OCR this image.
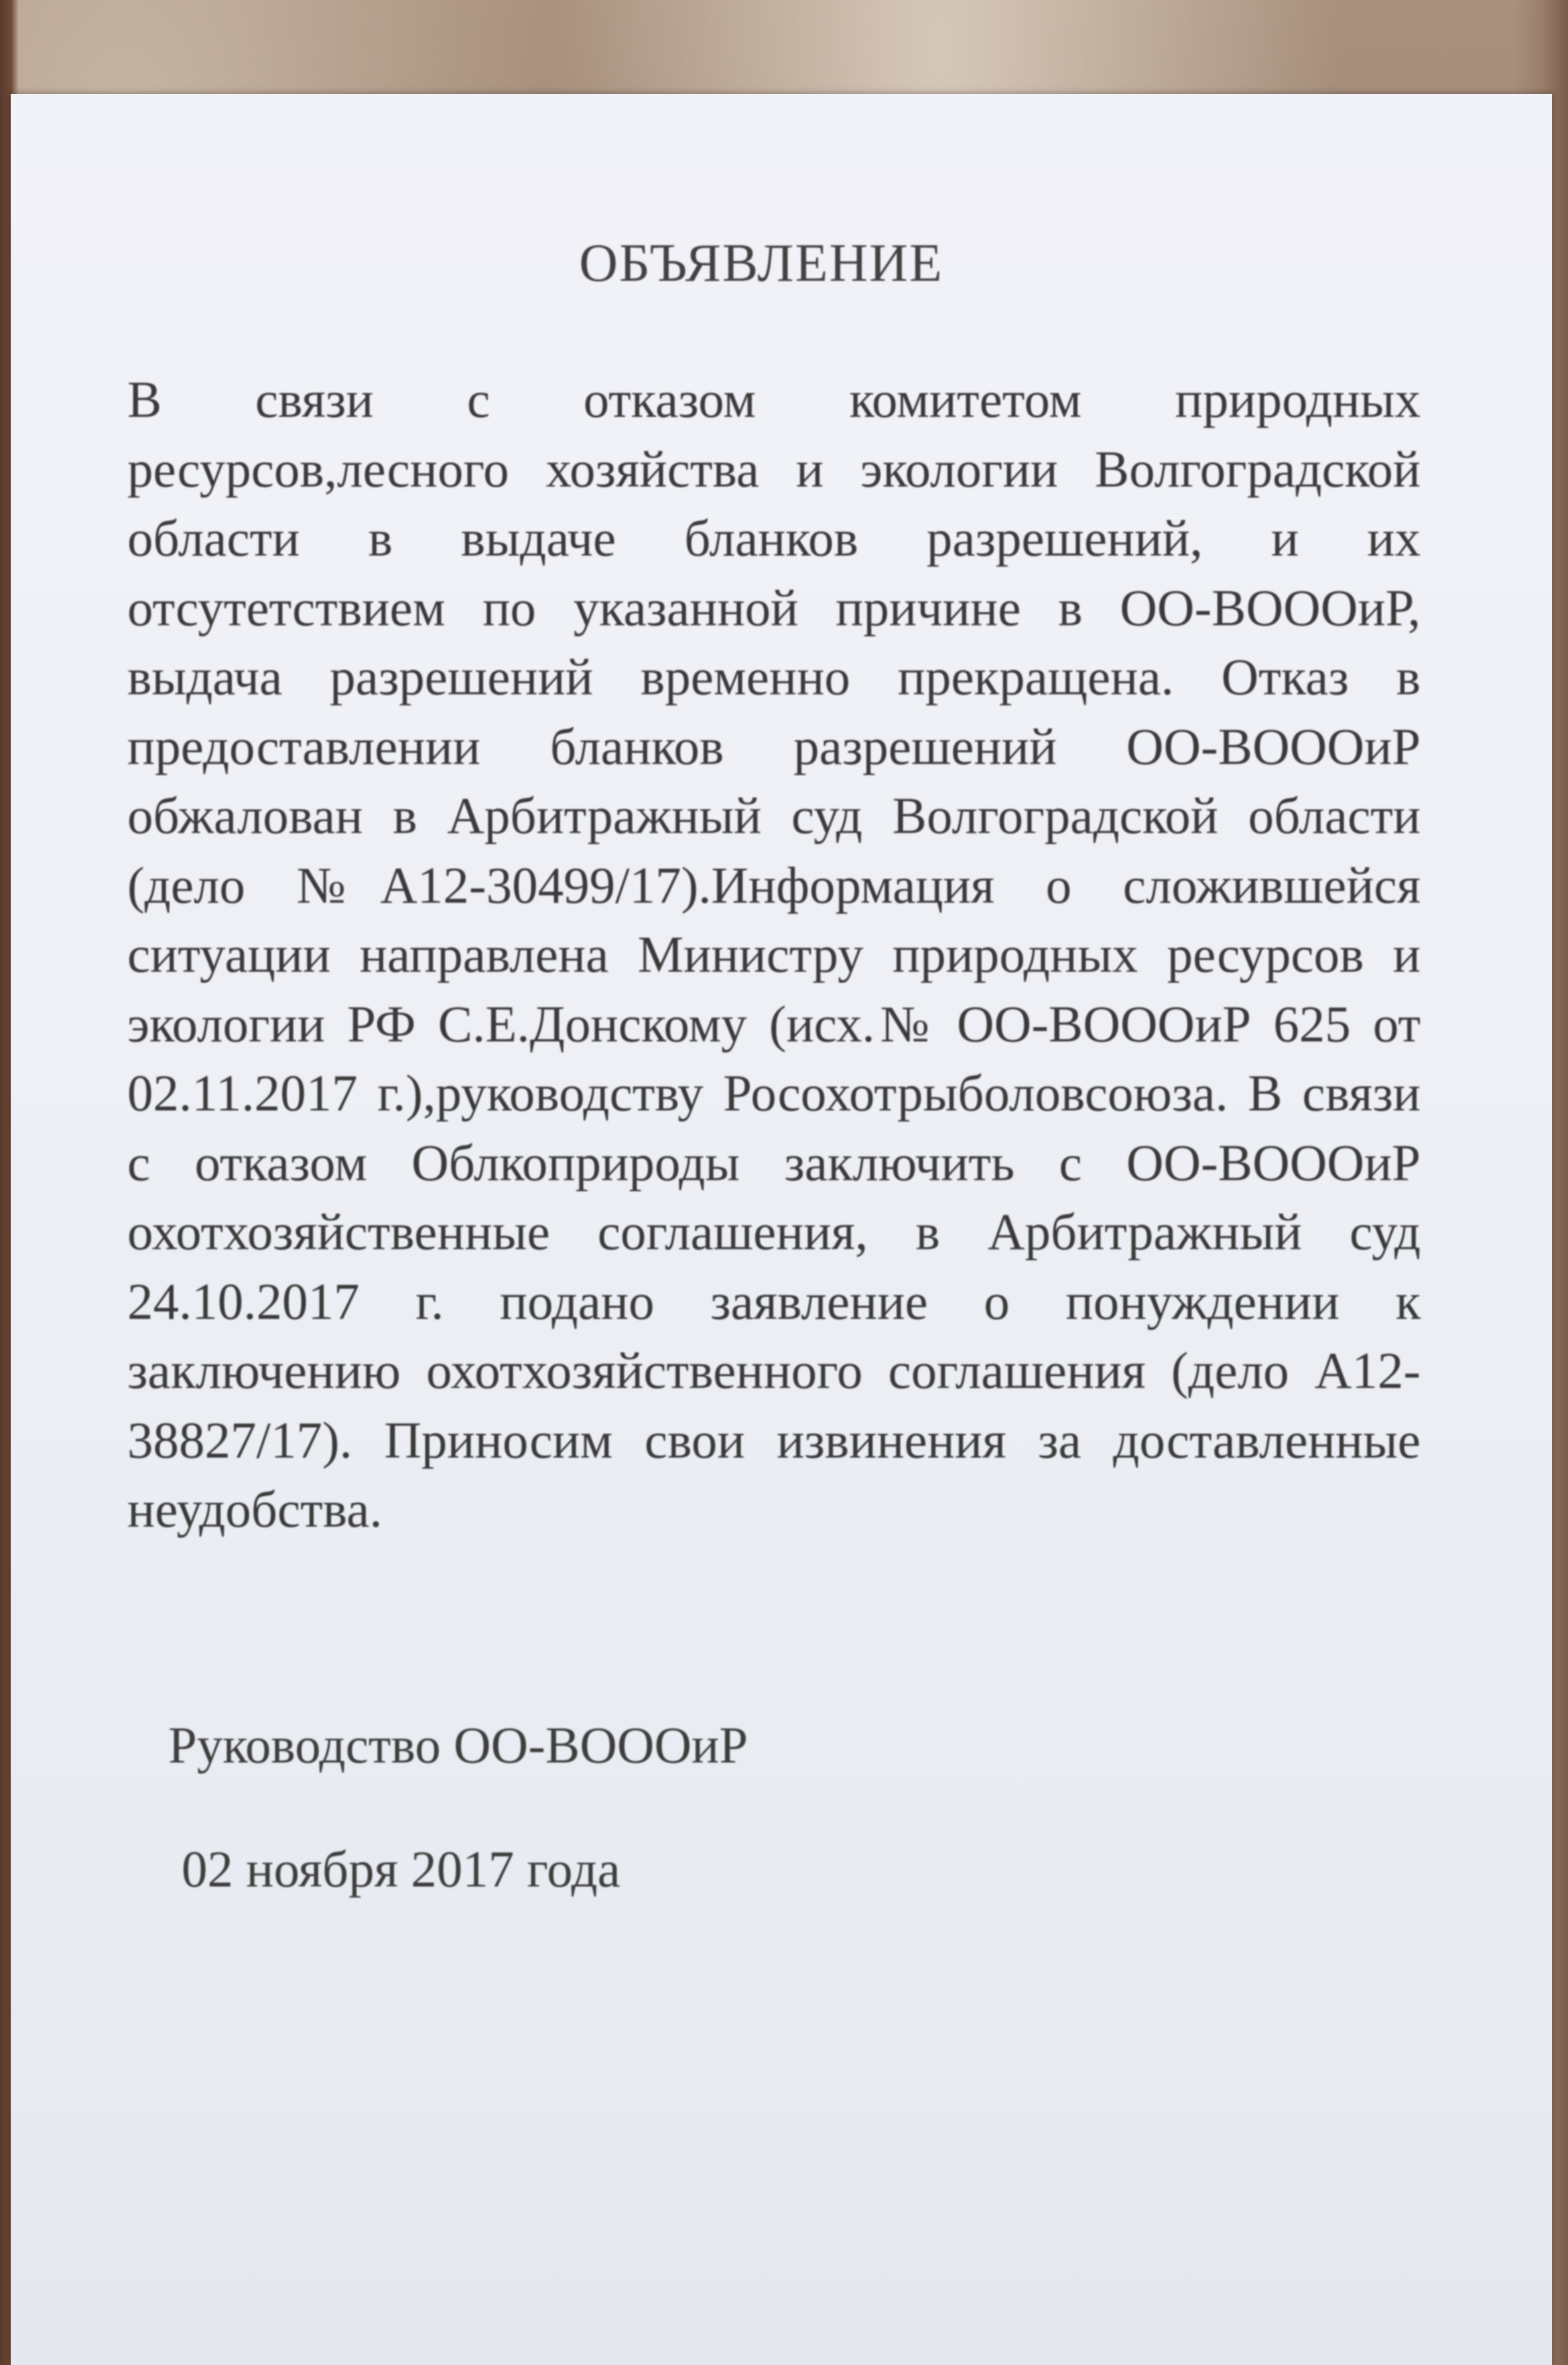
ОБЪЯВЛЕНИЕ

В связи с отказом комитетом природных ресурсов,лесного хозяйства и экологии Волгоградской области в выдаче бланков разрешений, и их отсутетствием по указанной причине в ОО-ВОООиР, выдача разрешений временно прекращена. Отказ в предоставлении бланков разрешений ОО-ВОООиР обжалован в Арбитражный суд Волгоградской области (дело №А12-30499/17).Информация о сложившейся ситуации направлена Министру природных ресурсов и экологии РФ С.Е.Донскому (исх.№ ОО-ВОООиР 625 от 02.11.2017 г.),руководству Росохотрыболовсоюза. В связи с отказом Облкоприроды заключить с ОО-ВОООиР охотхозяйственные соглашения, в Арбитражный суд 24.10.2017 г. подано заявление о понуждении к заключению охотхозяйственного соглашения (дело А12-38827/17). Приносим свои извинения за доставленные неудобства.

Руководство ОО-ВОООиР
02 ноября 2017 года
